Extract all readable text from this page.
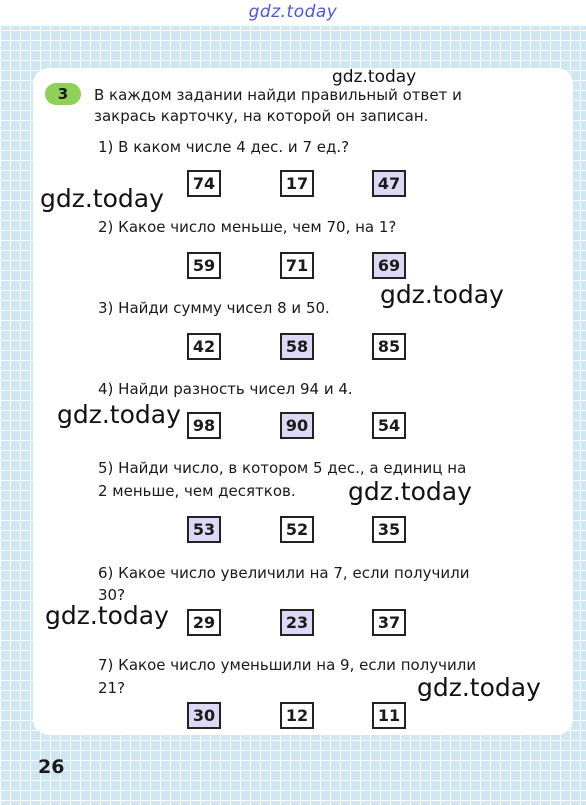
gdz.today
3	В каждом задании найди правильный ответ и
закрась карточку, на которой он записан.
1) В каком числе 4 дес. и 7 ед.?
74	17	47
2) Какое число меньше, чем 70, на 1?
59	71	69
3) Найди сумму чисел 8 и 50.
42	58	85
4) Найди разность чисел 94 и 4.
98	90	54
5) Найди число, в котором 5 дес., а единиц на
2 меньше, чем десятков.
53	52	35
6) Какое число увеличили на 7, если получили
30?
29	23	37
7) Какое число уменьшили на 9, если получили
21?
30	12	11
gdz.today
gdz.today
gdz.today
gdz.today
gdz.today
gdz.today
gdz.today
26
